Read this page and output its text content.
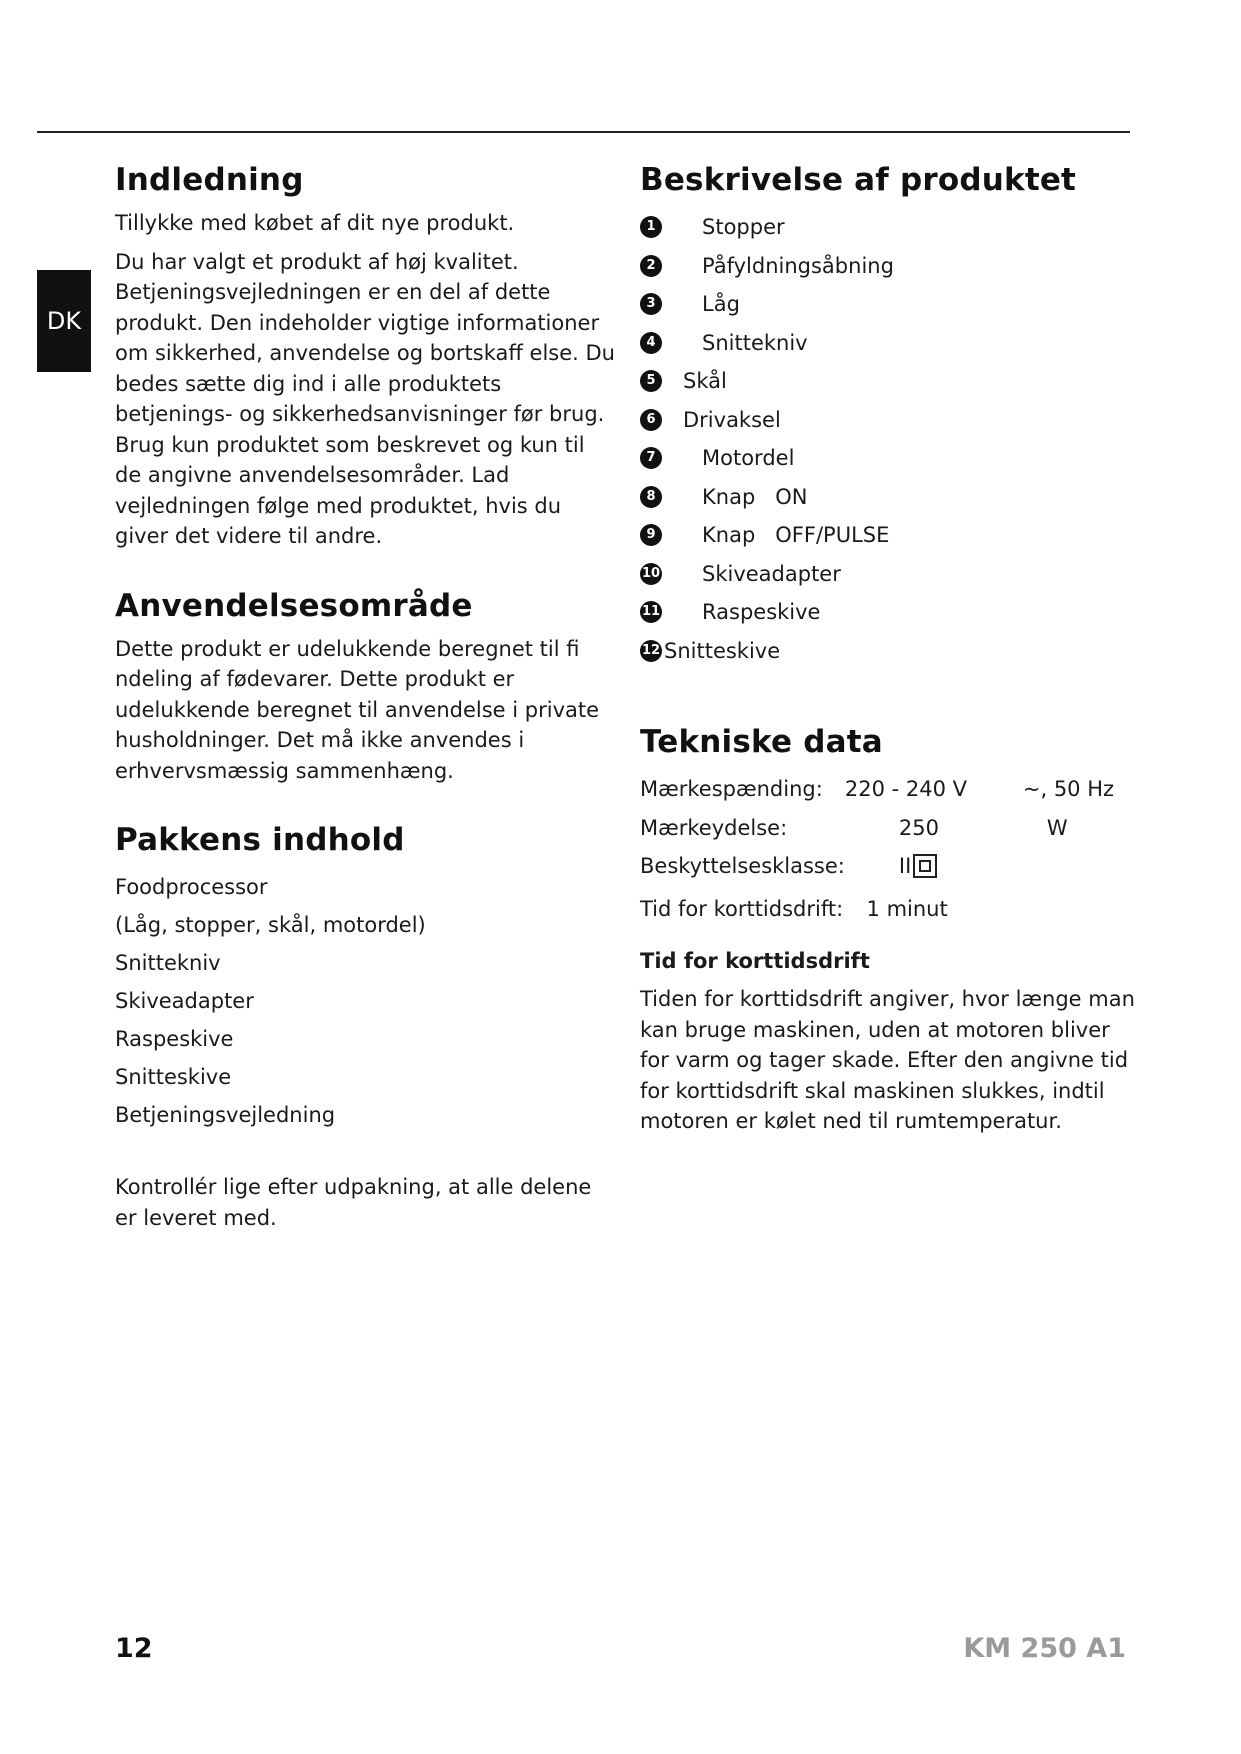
DK
Indledning

Tillykke med købet af dit nye produkt.

Du har valgt et produkt af høj kvalitet. Betjeningsvejledningen er en del af dette produkt. Den indeholder vigtige informationer om sikkerhed, anvendelse og bortskaff else. Du bedes sætte dig ind i alle produktets betjenings- og sikkerhedsanvisninger før brug. Brug kun produktet som beskrevet og kun til de angivne anvendelsesområder. Lad vejledningen følge med produktet, hvis du giver det videre til andre.

Anvendelsesområde

Dette produkt er udelukkende beregnet til fi ndeling af fødevarer. Dette produkt er udelukkende beregnet til anvendelse i private husholdninger. Det må ikke anvendes i erhvervsmæssig sammenhæng.

Pakkens indhold
Foodprocessor
(Låg, stopper, skål, motordel)
Snittekniv
Skiveadapter
Raspeskive
Snitteskive
Betjeningsvejledning

Kontrollér lige efter udpakning, at alle delene er leveret med.

Beskrivelse af produktet
1	Stopper
2	Påfyldningsåbning
3	Låg
4	Snittekniv
5	Skål
6	Drivaksel
7	Motordel
8	Knap ON
9	Knap OFF/PULSE
10 Skiveadapter
11 Raspeskive
12 Snitteskive
Tekniske data
Mærkespænding:	220 - 240 V	~, 50 Hz
Mærkeydelse:	250	W
Beskyttelsesklasse:	II	

Tid for korttidsdrift: 1 minut		
Tid for korttidsdrift

Tiden for korttidsdrift angiver, hvor længe man kan bruge maskinen, uden at motoren bliver for varm og tager skade. Efter den angivne tid for korttidsdrift skal maskinen slukkes, indtil motoren er kølet ned til rumtemperatur.

12	KM 250 A1
